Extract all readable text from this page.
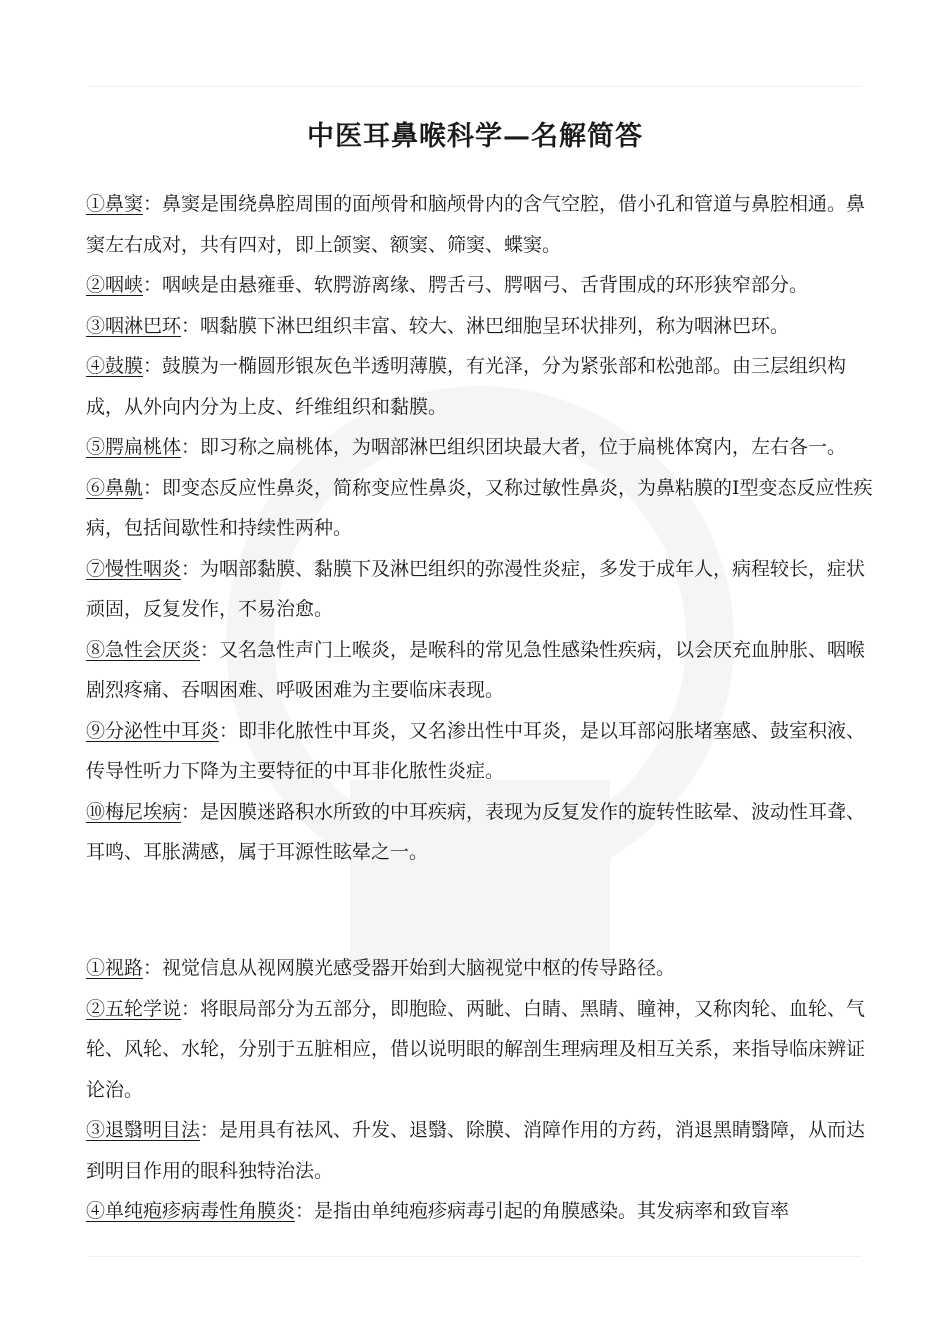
中医耳鼻喉科学—名解简答

①鼻窦：鼻窦是围绕鼻腔周围的面颅骨和脑颅骨内的含气空腔，借小孔和管道与鼻腔相通。鼻窦左右成对，共有四对，即上颌窦、额窦、筛窦、蝶窦。

②咽峡：咽峡是由悬雍垂、软腭游离缘、腭舌弓、腭咽弓、舌背围成的环形狭窄部分。

③咽淋巴环：咽黏膜下淋巴组织丰富、较大、淋巴细胞呈环状排列，称为咽淋巴环。

④鼓膜：鼓膜为一椭圆形银灰色半透明薄膜，有光泽，分为紧张部和松弛部。由三层组织构成，从外向内分为上皮、纤维组织和黏膜。

⑤腭扁桃体：即习称之扁桃体，为咽部淋巴组织团块最大者，位于扁桃体窝内，左右各一。

⑥鼻鼽：即变态反应性鼻炎，简称变应性鼻炎，又称过敏性鼻炎，为鼻粘膜的I型变态反应性疾病，包括间歇性和持续性两种。

⑦慢性咽炎：为咽部黏膜、黏膜下及淋巴组织的弥漫性炎症，多发于成年人，病程较长，症状顽固，反复发作，不易治愈。

⑧急性会厌炎：又名急性声门上喉炎，是喉科的常见急性感染性疾病，以会厌充血肿胀、咽喉剧烈疼痛、吞咽困难、呼吸困难为主要临床表现。

⑨分泌性中耳炎：即非化脓性中耳炎，又名渗出性中耳炎，是以耳部闷胀堵塞感、鼓室积液、传导性听力下降为主要特征的中耳非化脓性炎症。

⑩梅尼埃病：是因膜迷路积水所致的中耳疾病，表现为反复发作的旋转性眩晕、波动性耳聋、耳鸣、耳胀满感，属于耳源性眩晕之一。

①视路：视觉信息从视网膜光感受器开始到大脑视觉中枢的传导路径。

②五轮学说：将眼局部分为五部分，即胞睑、两眦、白睛、黑睛、瞳神，又称肉轮、血轮、气轮、风轮、水轮，分别于五脏相应，借以说明眼的解剖生理病理及相互关系，来指导临床辨证论治。

③退翳明目法：是用具有祛风、升发、退翳、除膜、消障作用的方药，消退黑睛翳障，从而达到明目作用的眼科独特治法。

④单纯疱疹病毒性角膜炎：是指由单纯疱疹病毒引起的角膜感染。其发病率和致盲率
